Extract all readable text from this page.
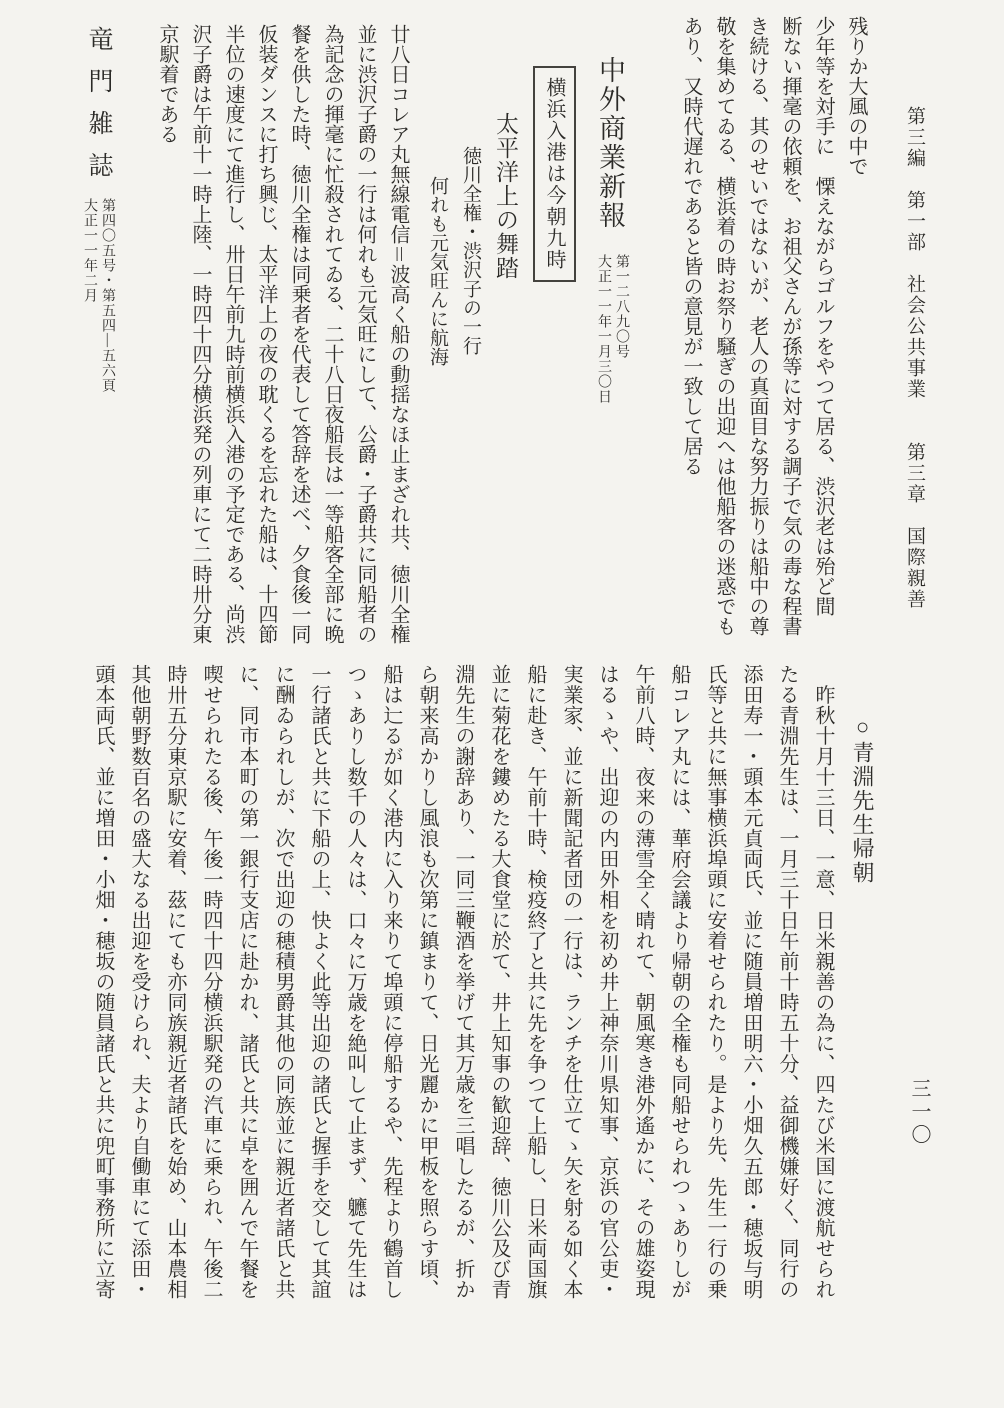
第三編　第一部　社会公共事業　　第三章　国際親善
残りか大風の中で
少年等を対手に　慄えながらゴルフをやつて居る、渋沢老は殆ど間
断ない揮毫の依頼を、お祖父さんが孫等に対する調子で気の毒な程書
き続ける、其のせいではないが、老人の真面目な努力振りは船中の尊
敬を集めてゐる、横浜着の時お祭り騒ぎの出迎へは他船客の迷惑でも
あり、又時代遅れであると皆の意見が一致して居る
中外商業新報
第一二八九〇号
大正一一年一月三〇日
横浜入港は今朝九時
太平洋上の舞踏
徳川全権・渋沢子の一行
何れも元気旺んに航海
廿八日コレア丸無線電信＝波高く船の動揺なほ止まざれ共、徳川全権
並に渋沢子爵の一行は何れも元気旺にして、公爵・子爵共に同船者の
為記念の揮毫に忙殺されてゐる、二十八日夜船長は一等船客全部に晩
餐を供した時、徳川全権は同乗者を代表して答辞を述べ、夕食後一同
仮装ダンスに打ち興じ、太平洋上の夜の耽くるを忘れた船は、十四節
半位の速度にて進行し、卅日午前九時前横浜入港の予定である、尚渋
沢子爵は午前十一時上陸、一時四十四分横浜発の列車にて二時卅分東
京駅着である
竜門雑誌
第四〇五号・第五四―五六頁
大正一一年二月
○青淵先生帰朝
　昨秋十月十三日、一意、日米親善の為に、四たび米国に渡航せられ
たる青淵先生は、一月三十日午前十時五十分、益御機嫌好く、同行の
添田寿一・頭本元貞両氏、並に随員増田明六・小畑久五郎・穂坂与明
氏等と共に無事横浜埠頭に安着せられたり。是より先、先生一行の乗
船コレア丸には、華府会議より帰朝の全権も同船せられつゝありしが
午前八時、夜来の薄雪全く晴れて、朝風寒き港外遙かに、その雄姿現
はるゝや、出迎の内田外相を初め井上神奈川県知事、京浜の官公吏・
実業家、並に新聞記者団の一行は、ランチを仕立てゝ矢を射る如く本
船に赴き、午前十時、検疫終了と共に先を争つて上船し、日米両国旗
並に菊花を鏤めたる大食堂に於て、井上知事の歓迎辞、徳川公及び青
淵先生の謝辞あり、一同三鞭酒を挙げて其万歳を三唱したるが、折か
ら朝来高かりし風浪も次第に鎮まりて、日光麗かに甲板を照らす頃、
船は辷るが如く港内に入り来りて埠頭に停船するや、先程より鶴首し
つゝありし数千の人々は、口々に万歳を絶叫して止まず、軈て先生は
一行諸氏と共に下船の上、快よく此等出迎の諸氏と握手を交して其誼
に酬ゐられしが、次で出迎の穂積男爵其他の同族並に親近者諸氏と共
に、同市本町の第一銀行支店に赴かれ、諸氏と共に卓を囲んで午餐を
喫せられたる後、午後一時四十四分横浜駅発の汽車に乗られ、午後二
時卅五分東京駅に安着、茲にても亦同族親近者諸氏を始め、山本農相
其他朝野数百名の盛大なる出迎を受けられ、夫より自働車にて添田・
頭本両氏、並に増田・小畑・穂坂の随員諸氏と共に兜町事務所に立寄	三一〇
